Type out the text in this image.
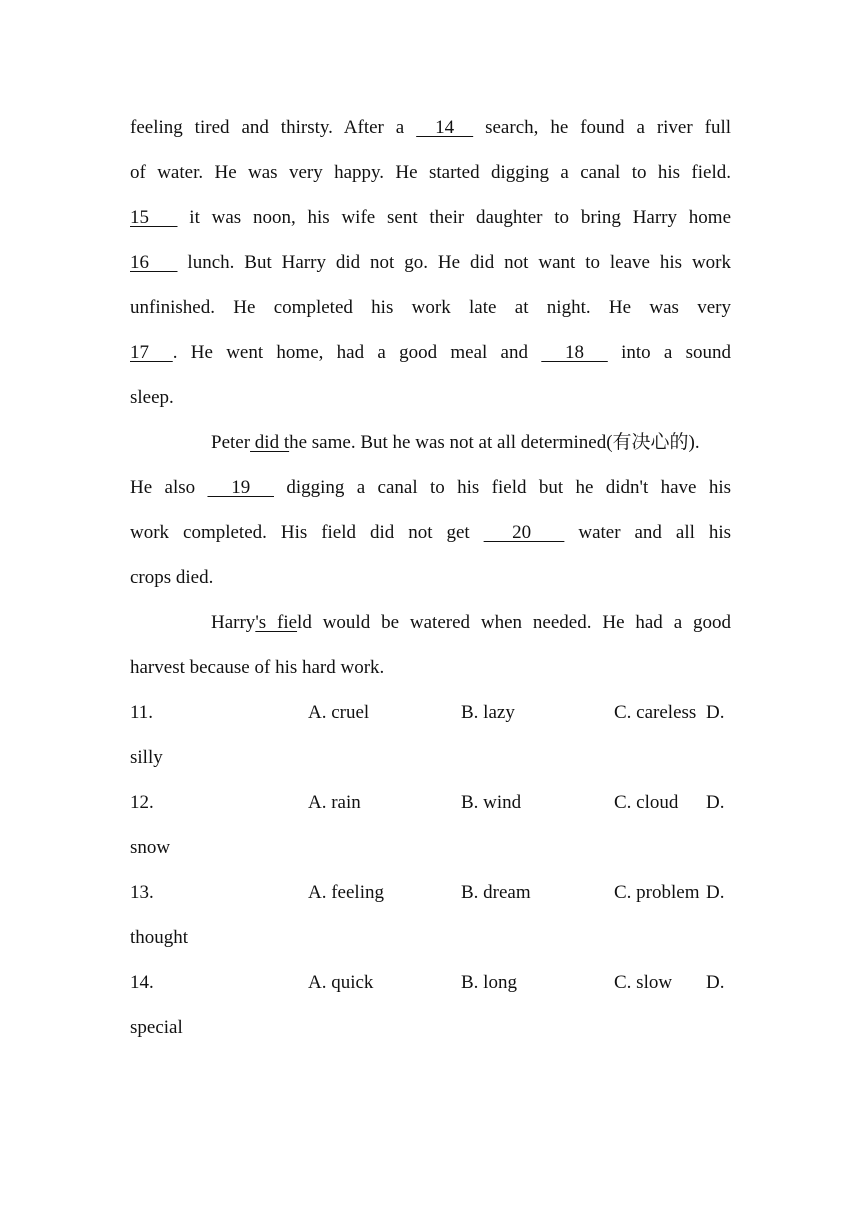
feeling tired and thirsty. After a     14     search, he found a river full
of water. He was very happy. He started digging a canal to his field.
15       it was noon, his wife sent their daughter to bring Harry home
16       lunch. But Harry did not go. He did not want to leave his work
unfinished. He completed his work late at night. He was very
17     . He went home, had a good meal and      18      into a sound
sleep.
Peter did the same. But he was not at all determined(有决心的).
He also      19      digging a canal to his field but he didn't have his
work completed. His field did not get       20        water and all his
crops died.
Harry's field would be watered when needed. He had a good
harvest because of his hard work.
11.	A. cruel	B. lazy	C. careless D.
silly
12.	A. rain	B. wind	C. cloud D.
snow
13.	A. feeling	B. dream	C. problem D.
thought
14.	A. quick	B. long	C. slow D.
special
